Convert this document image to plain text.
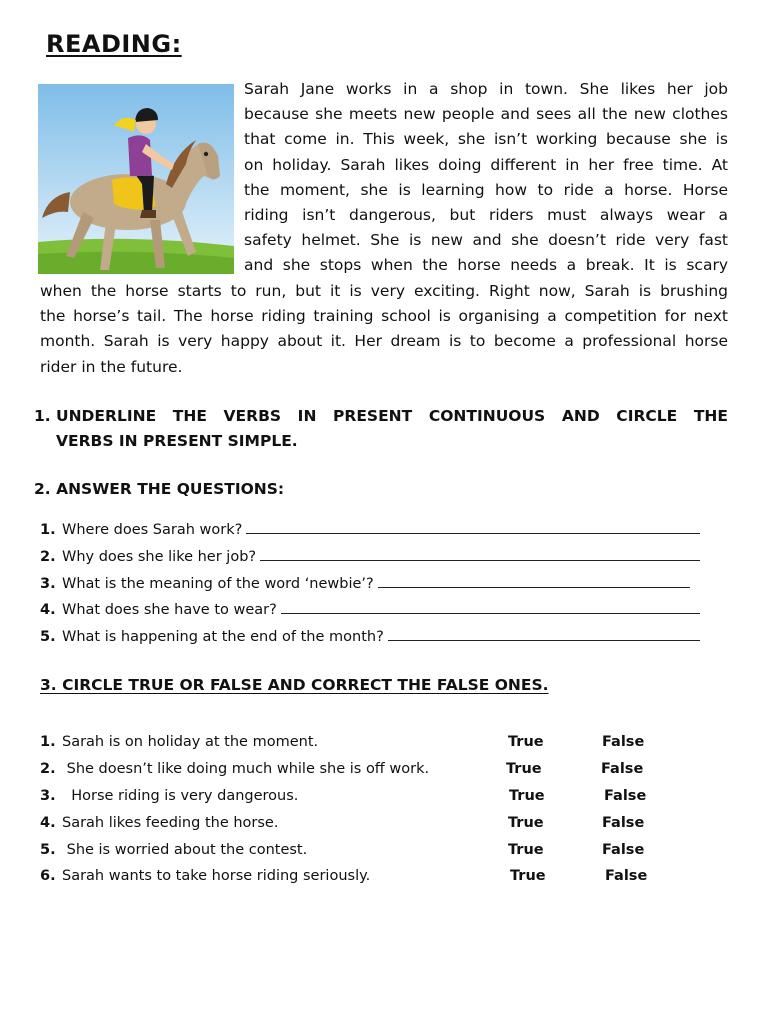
READING:
Sarah Jane works in a shop in town. She likes her job
because she meets new people and sees all the new clothes
that come in. This week, she isn’t working because she is
on holiday. Sarah likes doing different in her free time. At
the moment, she is learning how to ride a horse. Horse
riding isn’t dangerous, but riders must always wear a
safety helmet. She is new and she doesn’t ride very fast
and she stops when the horse needs a break. It is scary
when the horse starts to run, but it is very exciting. Right now, Sarah is brushing
the horse’s tail. The horse riding training school is organising a competition for next
month. Sarah is very happy about it. Her dream is to become a professional horse
rider in the future.
1. UNDERLINE THE VERBS IN PRESENT CONTINUOUS AND CIRCLE THE
VERBS IN PRESENT SIMPLE.
2. ANSWER THE QUESTIONS:
1. Where does Sarah work?
2. Why does she like her job?
3. What is the meaning of the word ‘newbie’?
4. What does she have to wear?
5. What is happening at the end of the month?
3. CIRCLE TRUE OR FALSE AND CORRECT THE FALSE ONES.
1. Sarah is on holiday at the moment.	True	False
2. She doesn’t like doing much while she is off work.	True	False
3.  Horse riding is very dangerous.	True	False
4. Sarah likes feeding the horse.	True	False
5. She is worried about the contest.	True	False
6. Sarah wants to take horse riding seriously.	True	False
